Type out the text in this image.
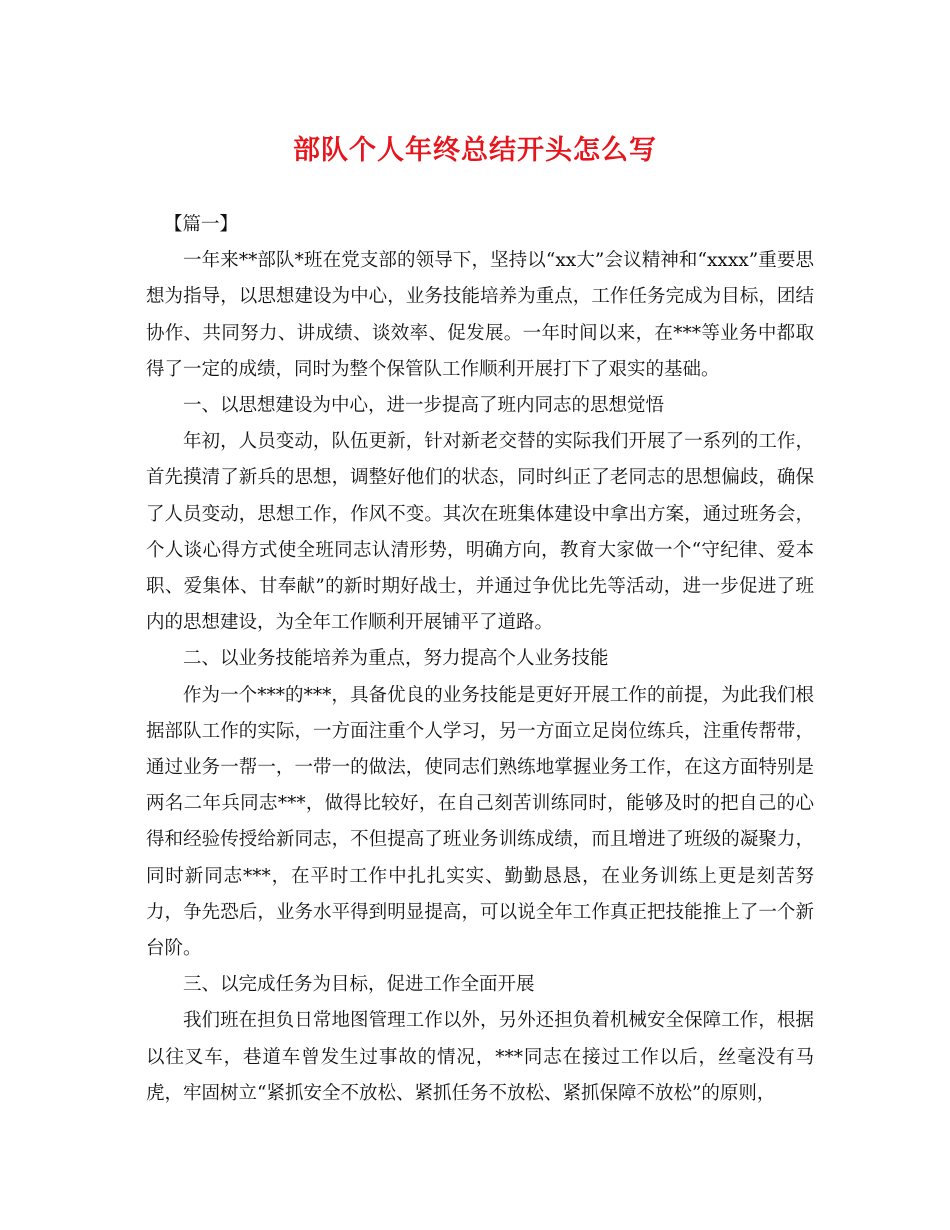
部队个人年终总结开头怎么写

【篇一】

一年来**部队*班在党支部的领导下，坚持以“xx大”会议精神和“xxxx”重要思想为指导，以思想建设为中心，业务技能培养为重点，工作任务完成为目标，团结协作、共同努力、讲成绩、谈效率、促发展。一年时间以来，在***等业务中都取得了一定的成绩，同时为整个保管队工作顺利开展打下了艰实的基础。

一、以思想建设为中心，进一步提高了班内同志的思想觉悟

年初，人员变动，队伍更新，针对新老交替的实际我们开展了一系列的工作，首先摸清了新兵的思想，调整好他们的状态，同时纠正了老同志的思想偏歧，确保了人员变动，思想工作，作风不变。其次在班集体建设中拿出方案，通过班务会，个人谈心得方式使全班同志认清形势，明确方向，教育大家做一个“守纪律、爱本职、爱集体、甘奉献”的新时期好战士，并通过争优比先等活动，进一步促进了班内的思想建设，为全年工作顺利开展铺平了道路。

二、以业务技能培养为重点，努力提高个人业务技能

作为一个***的***，具备优良的业务技能是更好开展工作的前提，为此我们根据部队工作的实际，一方面注重个人学习，另一方面立足岗位练兵，注重传帮带，通过业务一帮一，一带一的做法，使同志们熟练地掌握业务工作，在这方面特别是两名二年兵同志***，做得比较好，在自己刻苦训练同时，能够及时的把自己的心得和经验传授给新同志，不但提高了班业务训练成绩，而且增进了班级的凝聚力，同时新同志***，在平时工作中扎扎实实、勤勤恳恳，在业务训练上更是刻苦努力，争先恐后，业务水平得到明显提高，可以说全年工作真正把技能推上了一个新台阶。

三、以完成任务为目标，促进工作全面开展

我们班在担负日常地图管理工作以外，另外还担负着机械安全保障工作，根据以往叉车，巷道车曾发生过事故的情况，***同志在接过工作以后，丝毫没有马虎，牢固树立“紧抓安全不放松、紧抓任务不放松、紧抓保障不放松”的原则，
